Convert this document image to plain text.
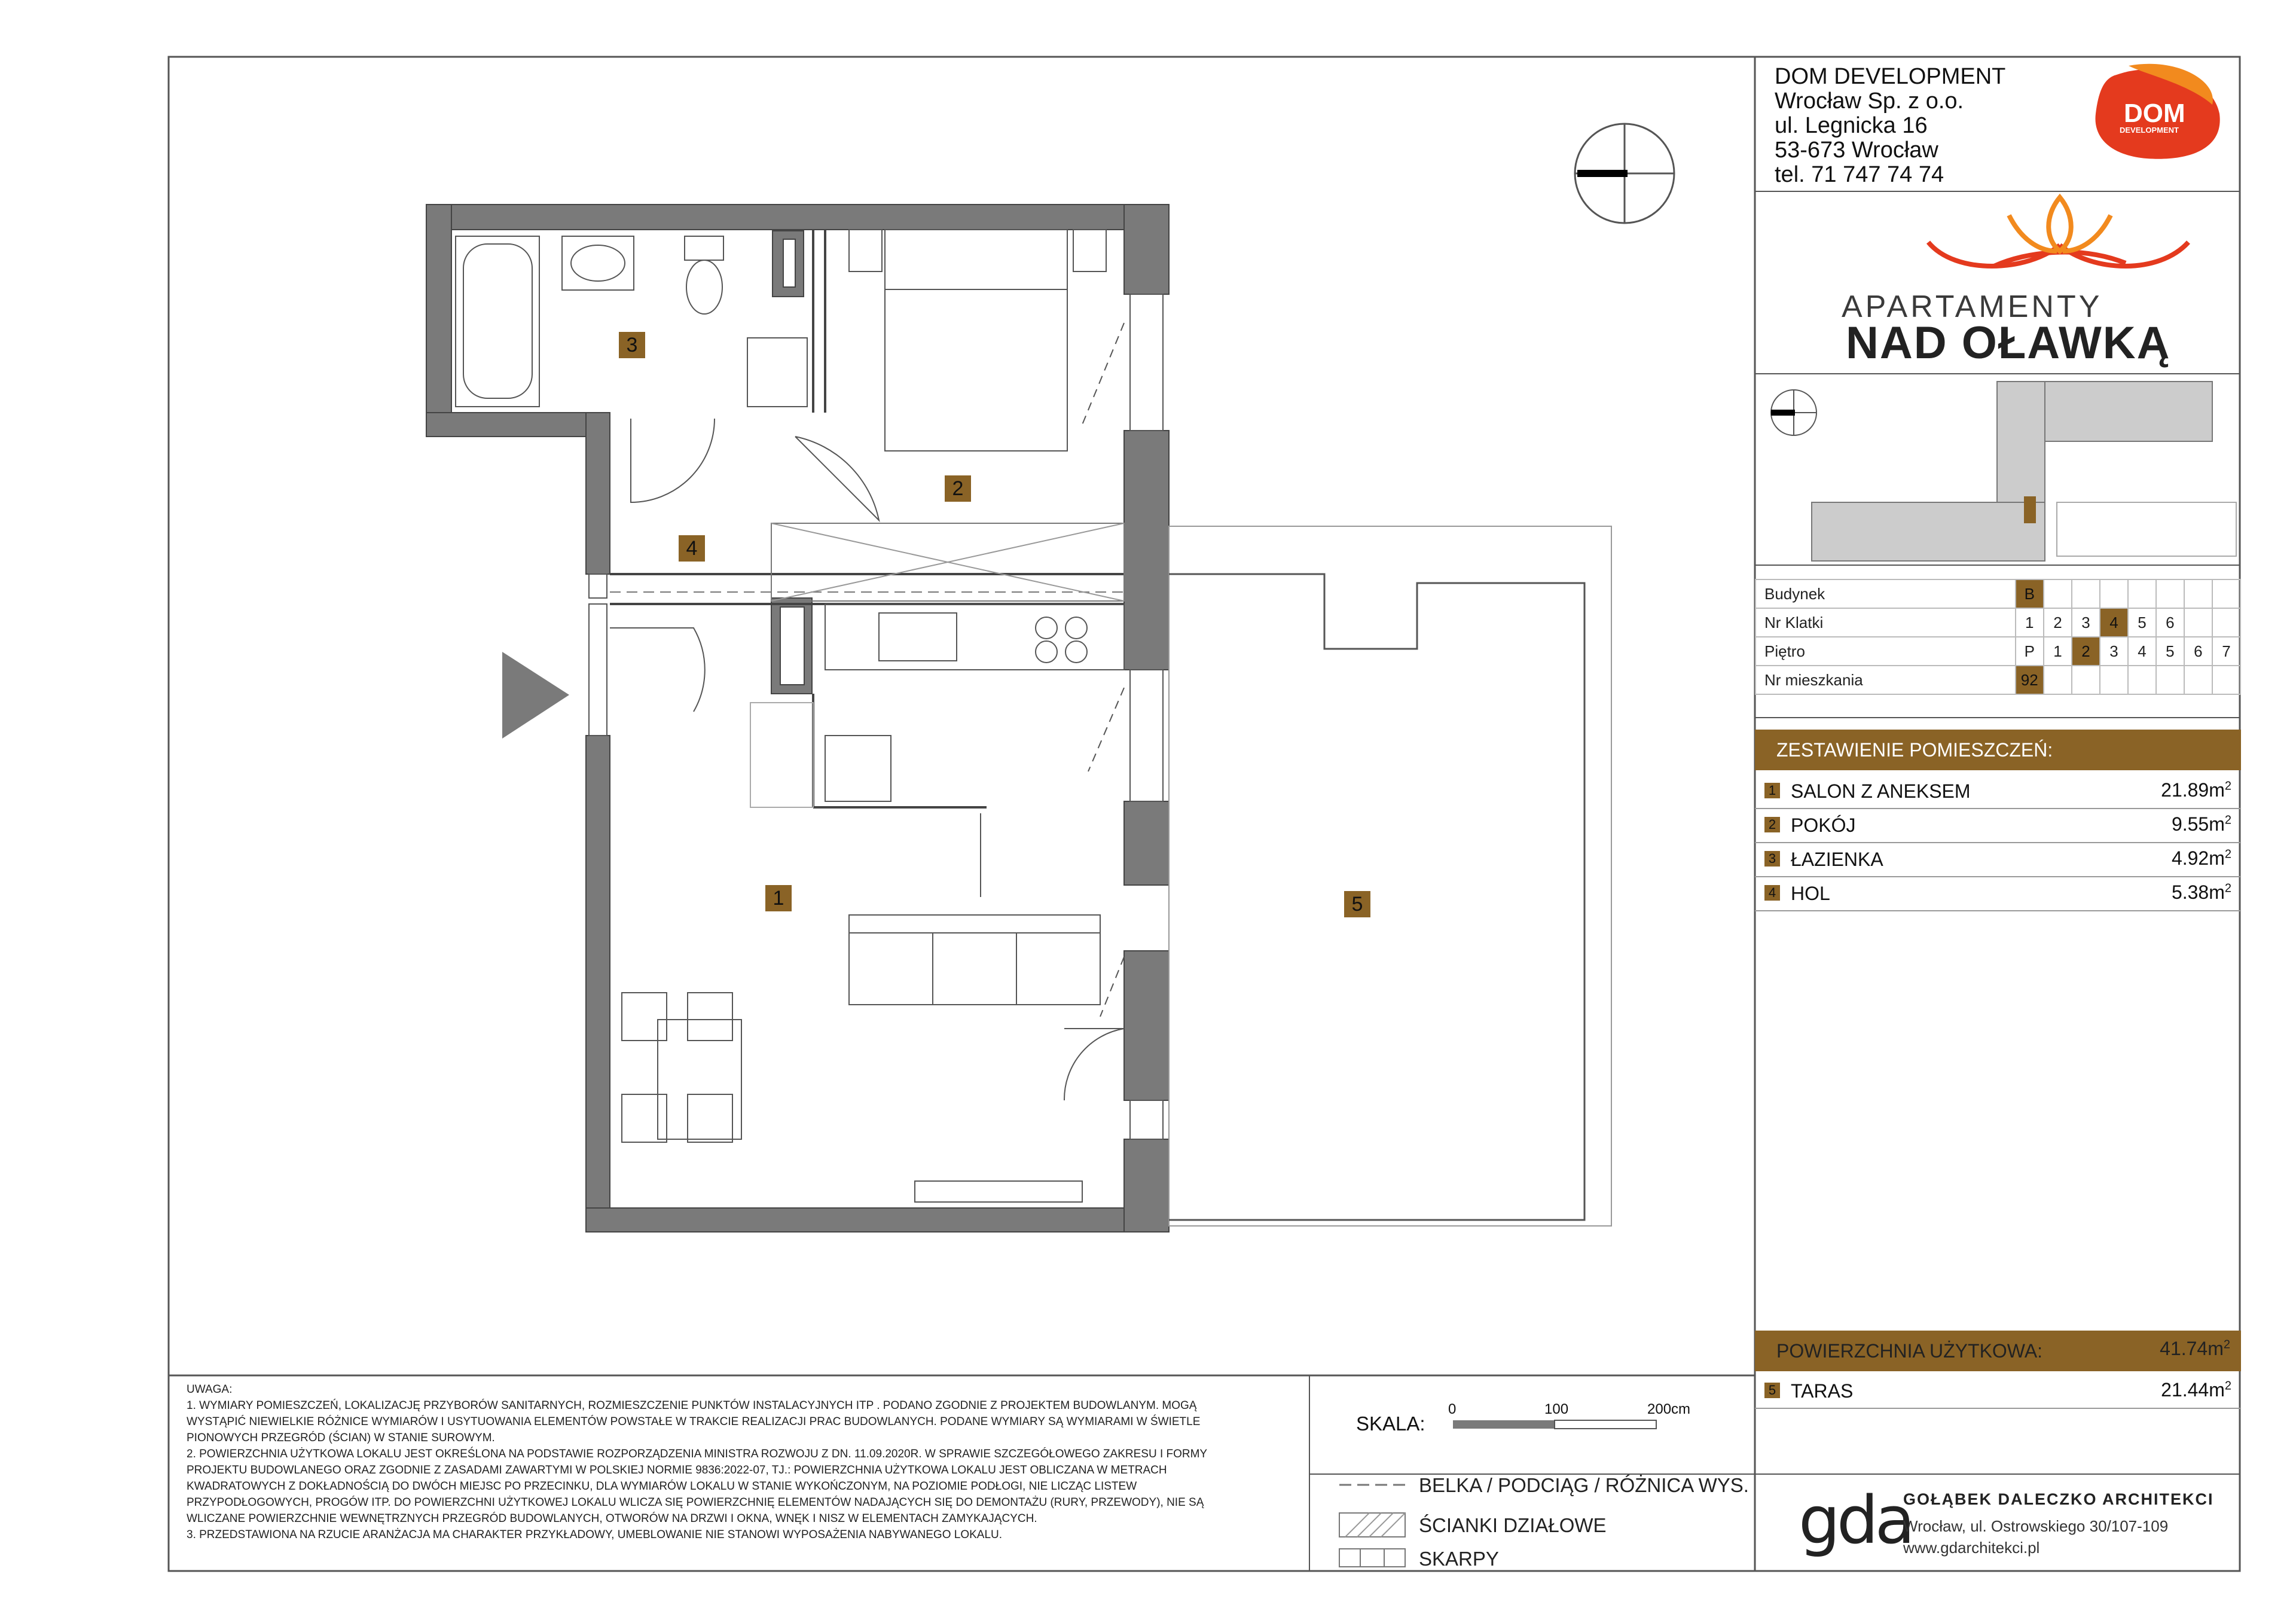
3
2
4
1	5
DOM DEVELOPMENT
Wrocław Sp. z o.o.
ul. Legnicka 16
53-673 Wrocław
tel. 71 747 74 74
DOM
DEVELOPMENT
APARTAMENTY
NAD OŁAWKĄ
Budynek	B							
Nr Klatki	1	2	3	4	5	6		
Piętro	P	1	2	3	4	5	6	7
Nr mieszkania	92							
ZESTAWIENIE POMIESZCZEŃ:
1 SALON Z ANEKSEM	$21.89m^2$
2 POKÓJ	$9.55m^2$
3 ŁAZIENKA	$4.92m^2$
4 HOL	$5.38m^2$
POWIERZCHNIA UŻYTKOWA:	$41.74m^2$
5 TARAS	$21.44m^2$
UWAGA:
1. WYMIARY POMIESZCZEŃ, LOKALIZACJĘ PRZYBORÓW SANITARNYCH, ROZMIESZCZENIE PUNKTÓW INSTALACYJNYCH ITP . PODANO ZGODNIE Z PROJEKTEM BUDOWLANYM. MOGĄ
WYSTĄPIĆ NIEWIELKIE RÓŻNICE WYMIARÓW I USYTUOWANIA ELEMENTÓW POWSTAŁE W TRAKCIE REALIZACJI PRAC BUDOWLANYCH. PODANE WYMIARY SĄ WYMIARAMI W ŚWIETLE
PIONOWYCH PRZEGRÓD (ŚCIAN) W STANIE SUROWYM.
2. POWIERZCHNIA UŻYTKOWA LOKALU JEST OKREŚLONA NA PODSTAWIE ROZPORZĄDZENIA MINISTRA ROZWOJU Z DN. 11.09.2020R. W SPRAWIE SZCZEGÓŁOWEGO ZAKRESU I FORMY
PROJEKTU BUDOWLANEGO ORAZ ZGODNIE Z ZASADAMI ZAWARTYMI W POLSKIEJ NORMIE 9836:2022-07, TJ.: POWIERZCHNIA UŻYTKOWA LOKALU JEST OBLICZANA W METRACH
KWADRATOWYCH Z DOKŁADNOŚCIĄ DO DWÓCH MIEJSC PO PRZECINKU, DLA WYMIARÓW LOKALU W STANIE WYKOŃCZONYM, NA POZIOMIE PODŁOGI, NIE LICZĄC LISTEW
PRZYPODŁOGOWYCH, PROGÓW ITP. DO POWIERZCHNI UŻYTKOWEJ LOKALU WLICZA SIĘ POWIERZCHNIĘ ELEMENTÓW NADAJĄCYCH SIĘ DO DEMONTAŻU (RURY, PRZEWODY), NIE SĄ
WLICZANE POWIERZCHNIE WEWNĘTRZNYCH PRZEGRÓD BUDOWLANYCH, OTWORÓW NA DRZWI I OKNA, WNĘK I NISZ W ELEMENTACH ZAMYKAJĄCYCH.
3. PRZEDSTAWIONA NA RZUCIE ARANŻACJA MA CHARAKTER PRZYKŁADOWY, UMEBLOWANIE NIE STANOWI WYPOSAŻENIA NABYWANEGO LOKALU.
SKALA:
0	100	200cm
BELKA / PODCIĄG / RÓŻNICA WYS.
ŚCIANKI DZIAŁOWE
SKARPY
gda
GOŁĄBEK DALECZKO ARCHITEKCI
Wrocław, ul. Ostrowskiego 30/107-109
www.gdarchitekci.pl
